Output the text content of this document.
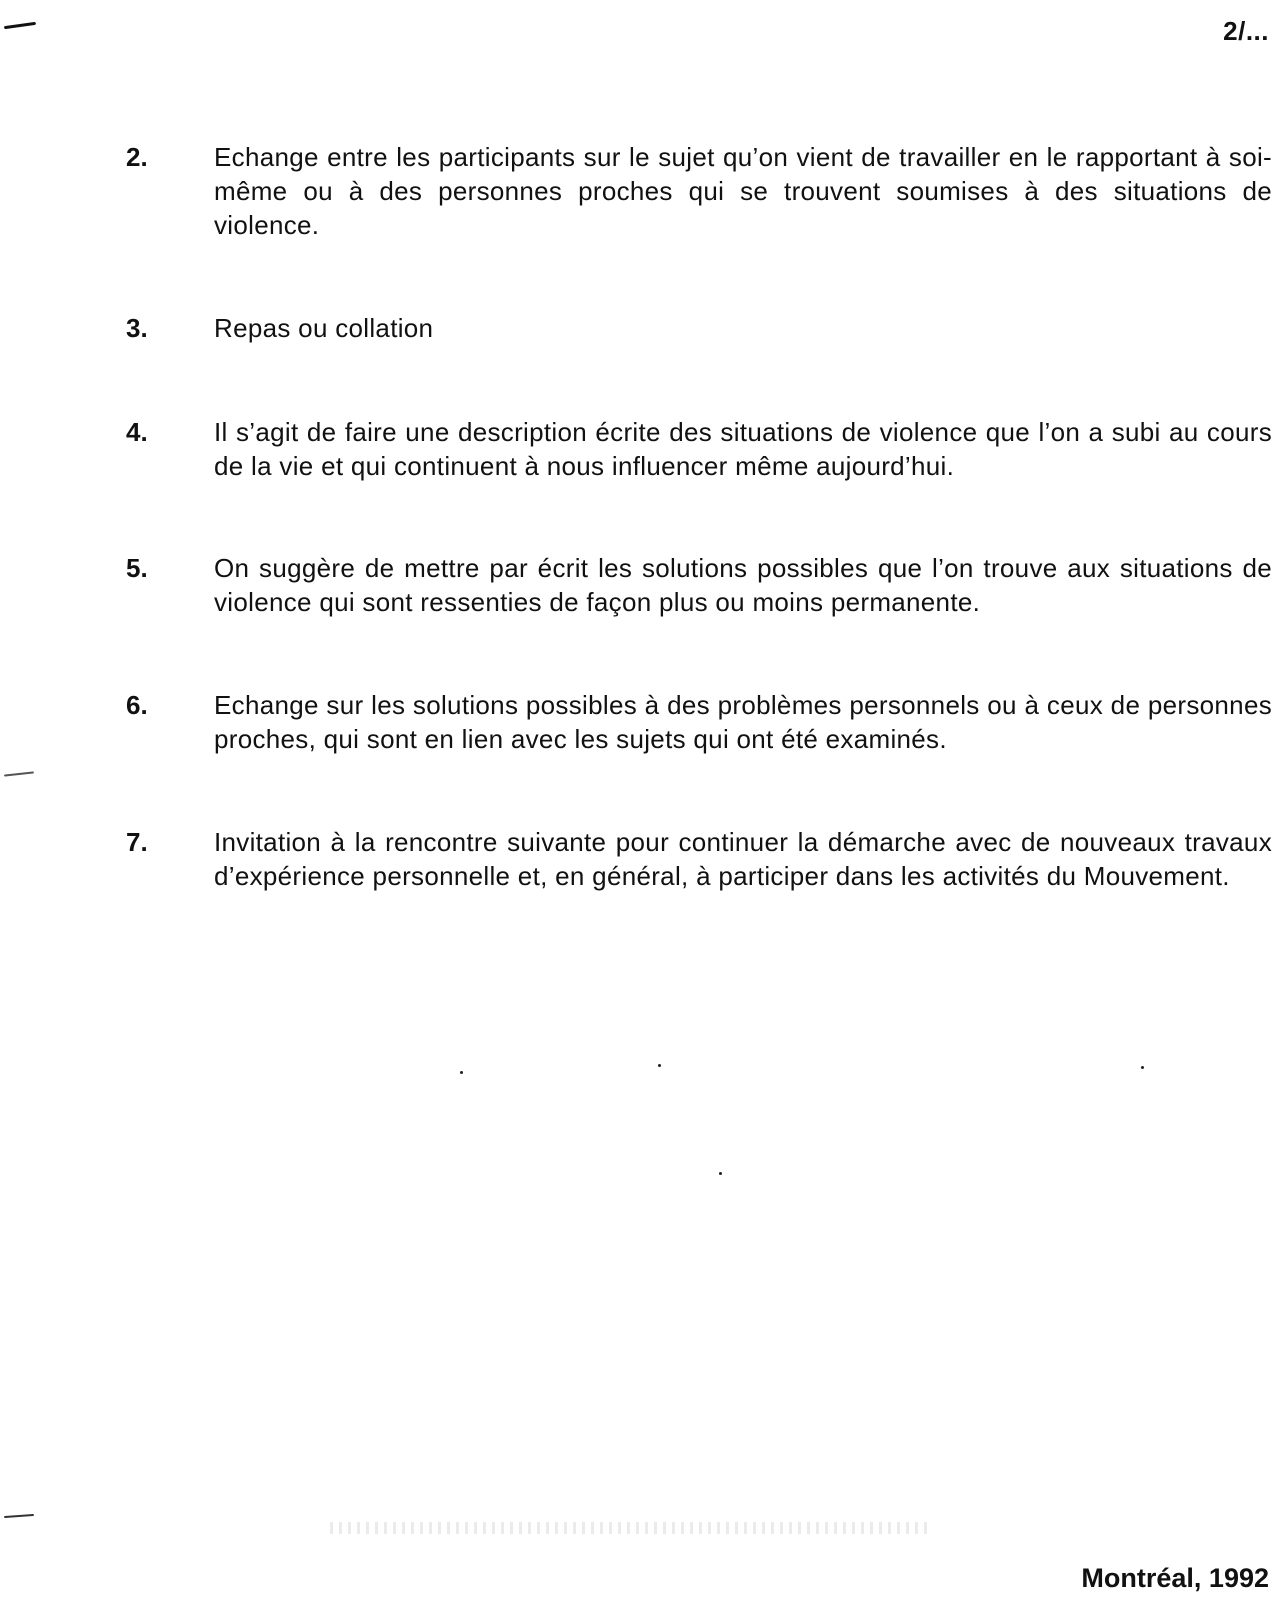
2/...
2.	Echange entre les participants sur le sujet qu’on vient de travailler en le rapportant à soi-même ou à des personnes proches qui se trouvent soumises à des situations de violence.
3.	Repas ou collation
4.	Il s’agit de faire une description écrite des situations de violence que l’on a subi au cours de la vie et qui continuent à nous influencer même aujourd’hui.
5.	On suggère de mettre par écrit les solutions possibles que l’on trouve aux situations de violence qui sont ressenties de façon plus ou moins permanente.
6.	Echange sur les solutions possibles à des problèmes personnels ou à ceux de personnes proches, qui sont en lien avec les sujets qui ont été examinés.
7.	Invitation à la rencontre suivante pour continuer la démarche avec de nouveaux travaux d’expérience personnelle et, en général, à participer dans les activités du Mouvement.
Montréal, 1992
